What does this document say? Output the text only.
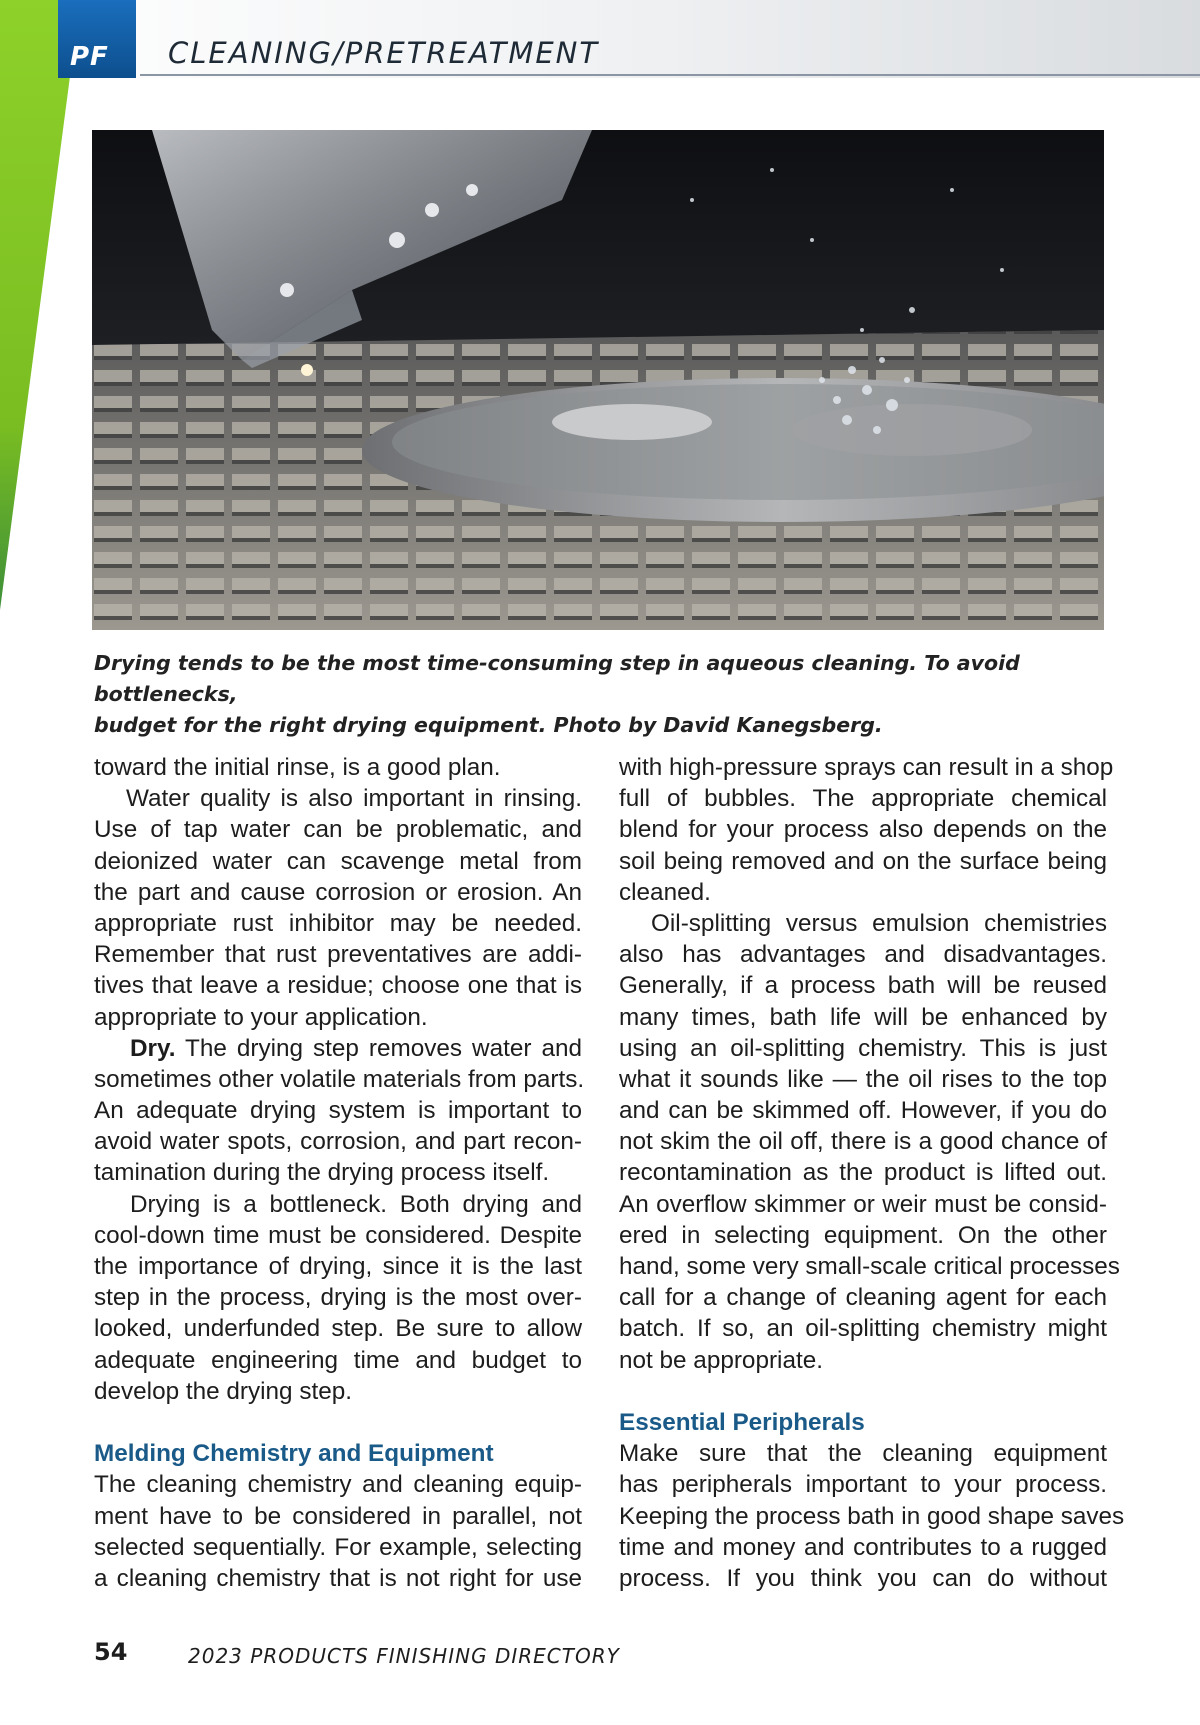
PF CLEANING/PRETREATMENT
Drying tends to be the most time-consuming step in aqueous cleaning. To avoid bottlenecks,
budget for the right drying equipment. Photo by David Kanegsberg.
toward the initial rinse, is a good plan.
Water quality is also important in rinsing.
Use of tap water can be problematic, and
deionized water can scavenge metal from
the part and cause corrosion or erosion. An
appropriate rust inhibitor may be needed.
Remember that rust preventatives are addi-
tives that leave a residue; choose one that is
appropriate to your application.
Dry. The drying step removes water and
sometimes other volatile materials from parts.
An adequate drying system is important to
avoid water spots, corrosion, and part recon-
tamination during the drying process itself.
Drying is a bottleneck. Both drying and
cool-down time must be considered. Despite
the importance of drying, since it is the last
step in the process, drying is the most over-
looked, underfunded step. Be sure to allow
adequate engineering time and budget to
develop the drying step.
Melding Chemistry and Equipment
The cleaning chemistry and cleaning equip-
ment have to be considered in parallel, not
selected sequentially. For example, selecting
a cleaning chemistry that is not right for use
with high-pressure sprays can result in a shop
full of bubbles. The appropriate chemical
blend for your process also depends on the
soil being removed and on the surface being
cleaned.
Oil-splitting versus emulsion chemistries
also has advantages and disadvantages.
Generally, if a process bath will be reused
many times, bath life will be enhanced by
using an oil-splitting chemistry. This is just
what it sounds like — the oil rises to the top
and can be skimmed off. However, if you do
not skim the oil off, there is a good chance of
recontamination as the product is lifted out.
An overflow skimmer or weir must be consid-
ered in selecting equipment. On the other
hand, some very small-scale critical processes
call for a change of cleaning agent for each
batch. If so, an oil-splitting chemistry might
not be appropriate.
Essential Peripherals
Make sure that the cleaning equipment
has peripherals important to your process.
Keeping the process bath in good shape saves
time and money and contributes to a rugged
process. If you think you can do without
54	2023 PRODUCTS FINISHING DIRECTORY
